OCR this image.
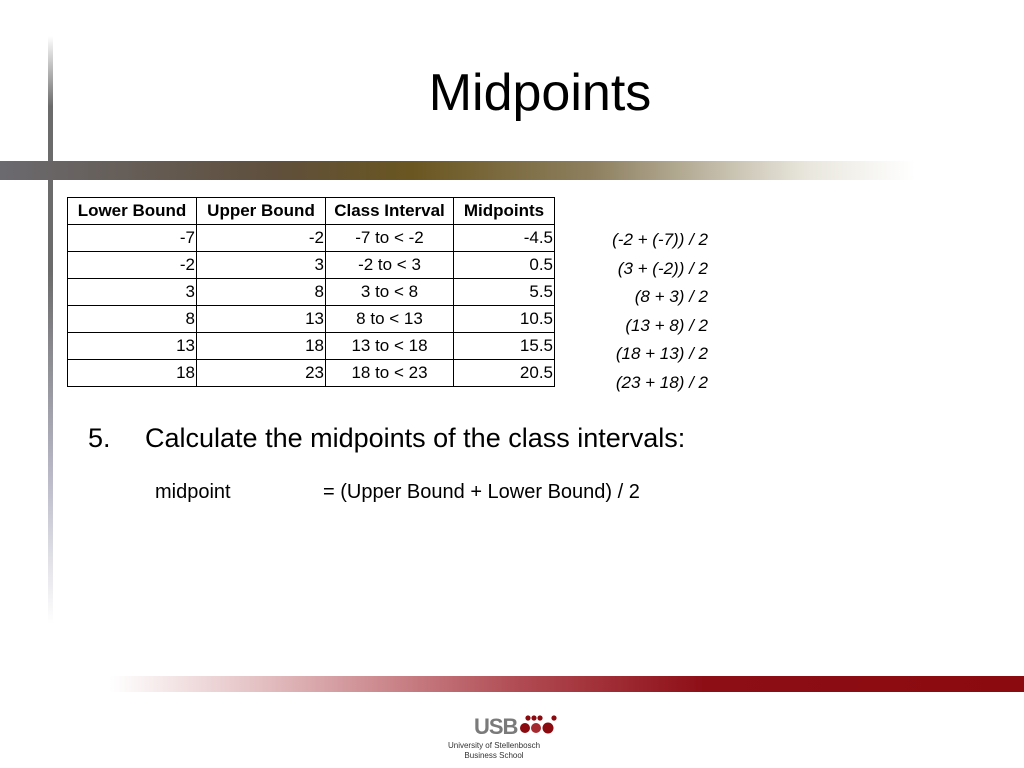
Midpoints
Lower Bound	Upper Bound	Class Interval	Midpoints
-7	-2	-7 to < -2	-4.5
-2	3	-2 to < 3	0.5
3	8	3 to < 8	5.5
8	13	8 to < 13	10.5
13	18	13 to < 18	15.5
18	23	18 to < 23	20.5
(-2 + (-7)) / 2
(3 + (-2)) / 2
(8 + 3) / 2
(13 + 8) / 2
(18 + 13) / 2
(23 + 18) / 2
5. Calculate the midpoints of the class intervals:
midpoint	= (Upper Bound + Lower Bound) / 2
USB
University of Stellenbosch
Business School
